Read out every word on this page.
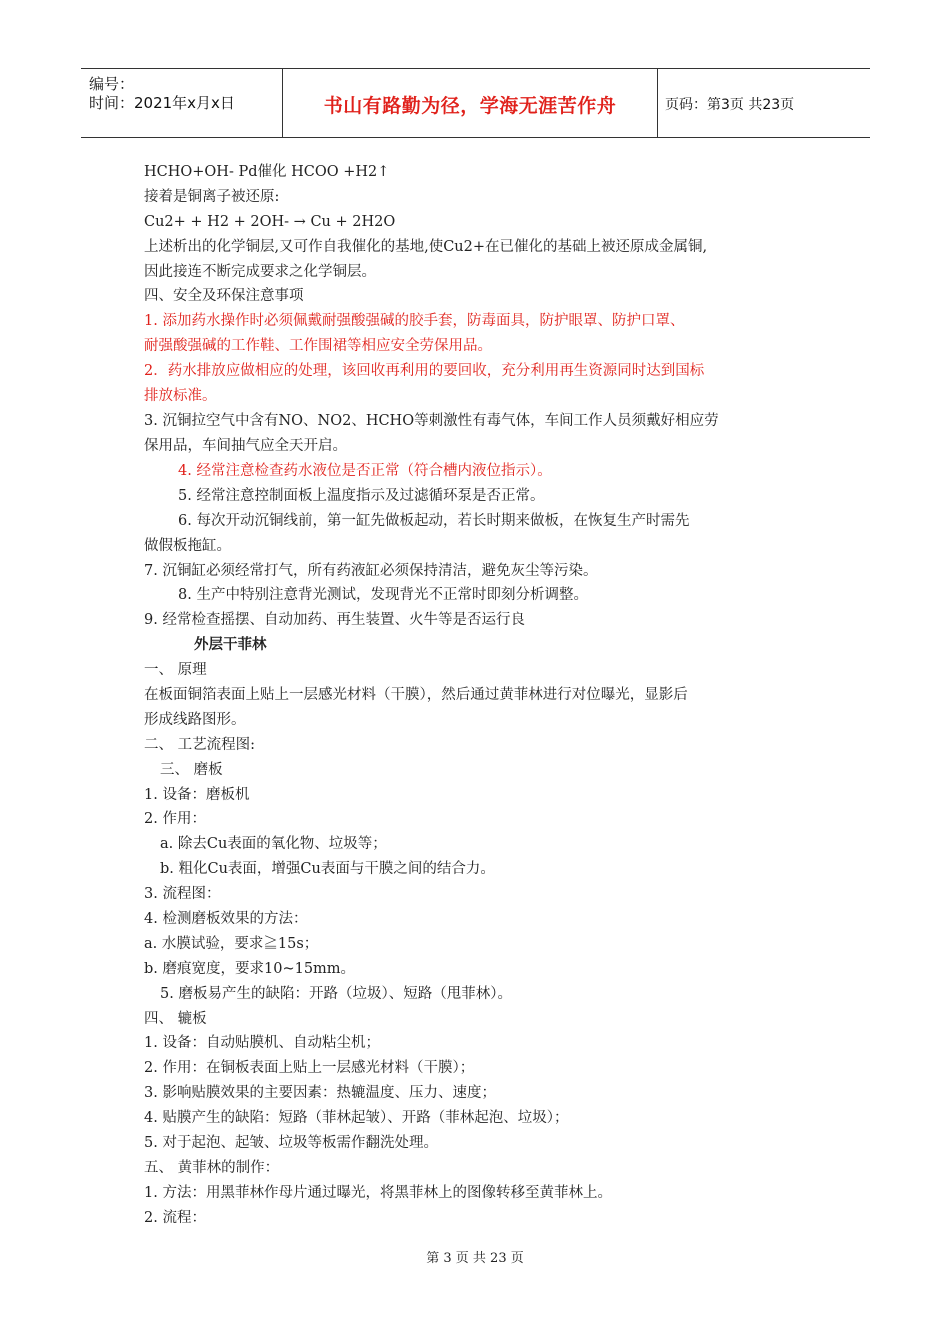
编号：
时间：2021年x月x日	书山有路勤为径，学海无涯苦作舟	页码：第3页 共23页
HCHO+OH- Pd催化 HCOO +H2↑
接着是铜离子被还原:
Cu2+ + H2 + 2OH- → Cu + 2H2O
上述析出的化学铜层,又可作自我催化的基地,使Cu2+在已催化的基础上被还原成金属铜,
因此接连不断完成要求之化学铜层。
四、安全及环保注意事项
1. 添加药水操作时必须佩戴耐强酸强碱的胶手套，防毒面具，防护眼罩、防护口罩、
耐强酸强碱的工作鞋、工作围裙等相应安全劳保用品。
2．药水排放应做相应的处理，该回收再利用的要回收，充分利用再生资源同时达到国标
排放标准。
3. 沉铜拉空气中含有NO、NO2、HCHO等刺激性有毒气体，车间工作人员须戴好相应劳
保用品，车间抽气应全天开启。
4. 经常注意检查药水液位是否正常（符合槽内液位指示）。
5. 经常注意控制面板上温度指示及过滤循环泵是否正常。
6. 每次开动沉铜线前，第一缸先做板起动，若长时期来做板，在恢复生产时需先
做假板拖缸。
7. 沉铜缸必须经常打气，所有药液缸必须保持清洁，避免灰尘等污染。
8. 生产中特别注意背光测试，发现背光不正常时即刻分析调整。
9. 经常检查摇摆、自动加药、再生装置、火牛等是否运行良
外层干菲林
一、 原理
在板面铜箔表面上贴上一层感光材料（干膜），然后通过黄菲林进行对位曝光，显影后
形成线路图形。
二、 工艺流程图:
三、 磨板
1. 设备：磨板机
2. 作用：
a. 除去Cu表面的氧化物、垃圾等；
b. 粗化Cu表面，增强Cu表面与干膜之间的结合力。
3. 流程图：
4. 检测磨板效果的方法：
a. 水膜试验，要求≧15s；
b. 磨痕宽度，要求10~15mm。
5. 磨板易产生的缺陷：开路（垃圾）、短路（甩菲林）。
四、 辘板
1. 设备：自动贴膜机、自动粘尘机；
2. 作用：在铜板表面上贴上一层感光材料（干膜）；
3. 影响贴膜效果的主要因素：热辘温度、压力、速度；
4. 贴膜产生的缺陷：短路（菲林起皱）、开路（菲林起泡、垃圾）；
5. 对于起泡、起皱、垃圾等板需作翻洗处理。
五、 黄菲林的制作：
1. 方法：用黑菲林作母片通过曝光，将黑菲林上的图像转移至黄菲林上。
2. 流程：
第 3 页 共 23 页
